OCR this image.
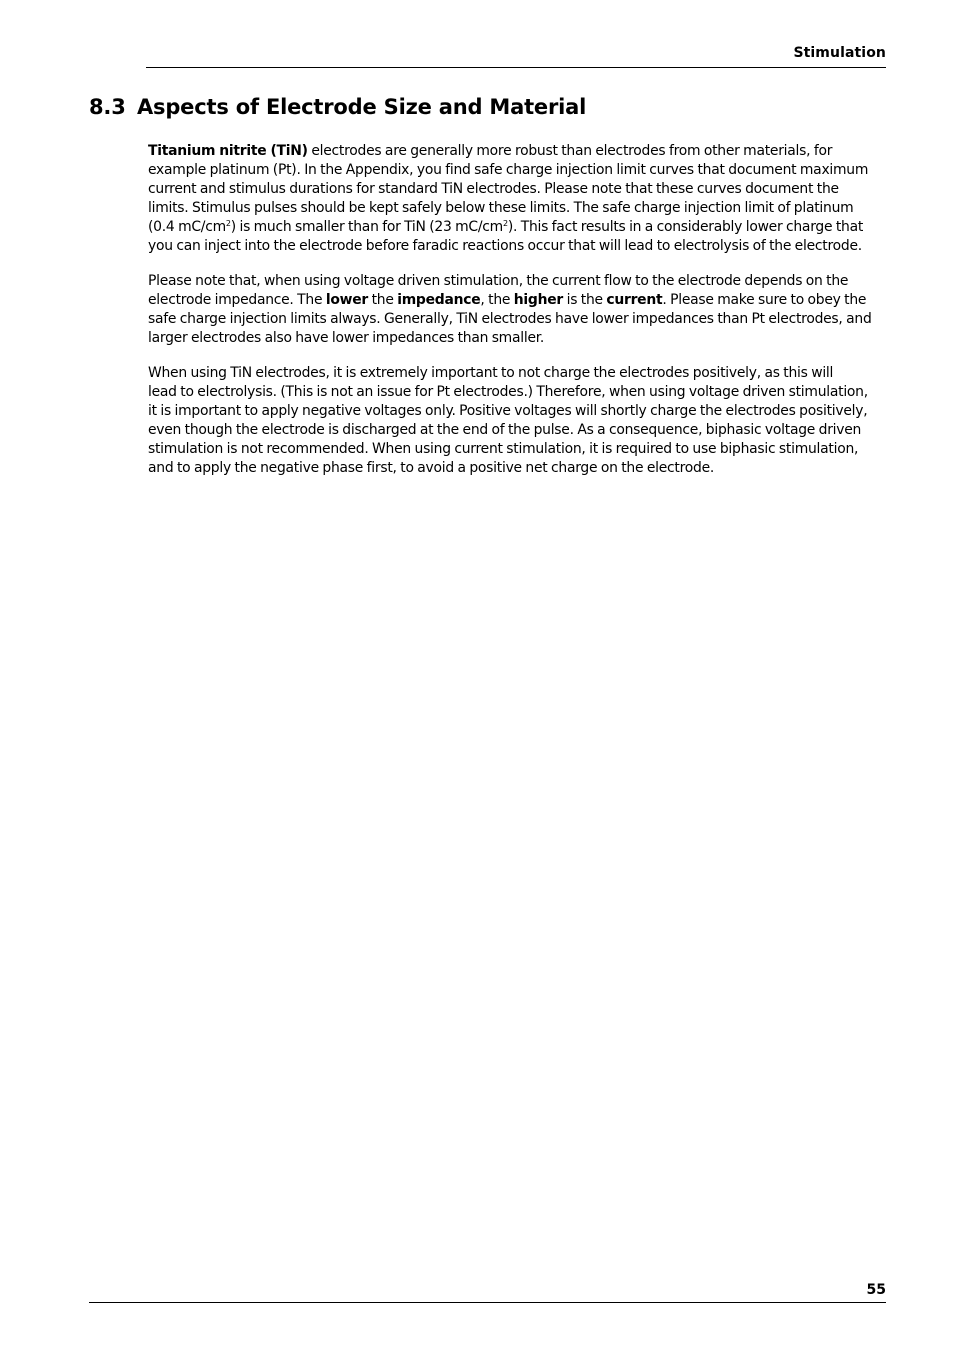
Stimulation
8.3 Aspects of Electrode Size and Material

Titanium nitrite (TiN) electrodes are generally more robust than electrodes from other materials, for
example platinum (Pt). In the Appendix, you find safe charge injection limit curves that document maximum
current and stimulus durations for standard TiN electrodes. Please note that these curves document the
limits. Stimulus pulses should be kept safely below these limits. The safe charge injection limit of platinum
(0.4 $mC/cm^2$) is much smaller than for TiN (23 $mC/cm^2$). This fact results in a considerably lower charge that
you can inject into the electrode before faradic reactions occur that will lead to electrolysis of the electrode.

Please note that, when using voltage driven stimulation, the current flow to the electrode depends on the
electrode impedance. The lower the impedance, the higher is the current. Please make sure to obey the
safe charge injection limits always. Generally, TiN electrodes have lower impedances than Pt electrodes, and
larger electrodes also have lower impedances than smaller.

When using TiN electrodes, it is extremely important to not charge the electrodes positively, as this will
lead to electrolysis. (This is not an issue for Pt electrodes.) Therefore, when using voltage driven stimulation,
it is important to apply negative voltages only. Positive voltages will shortly charge the electrodes positively,
even though the electrode is discharged at the end of the pulse. As a consequence, biphasic voltage driven
stimulation is not recommended. When using current stimulation, it is required to use biphasic stimulation,
and to apply the negative phase first, to avoid a positive net charge on the electrode.

55
